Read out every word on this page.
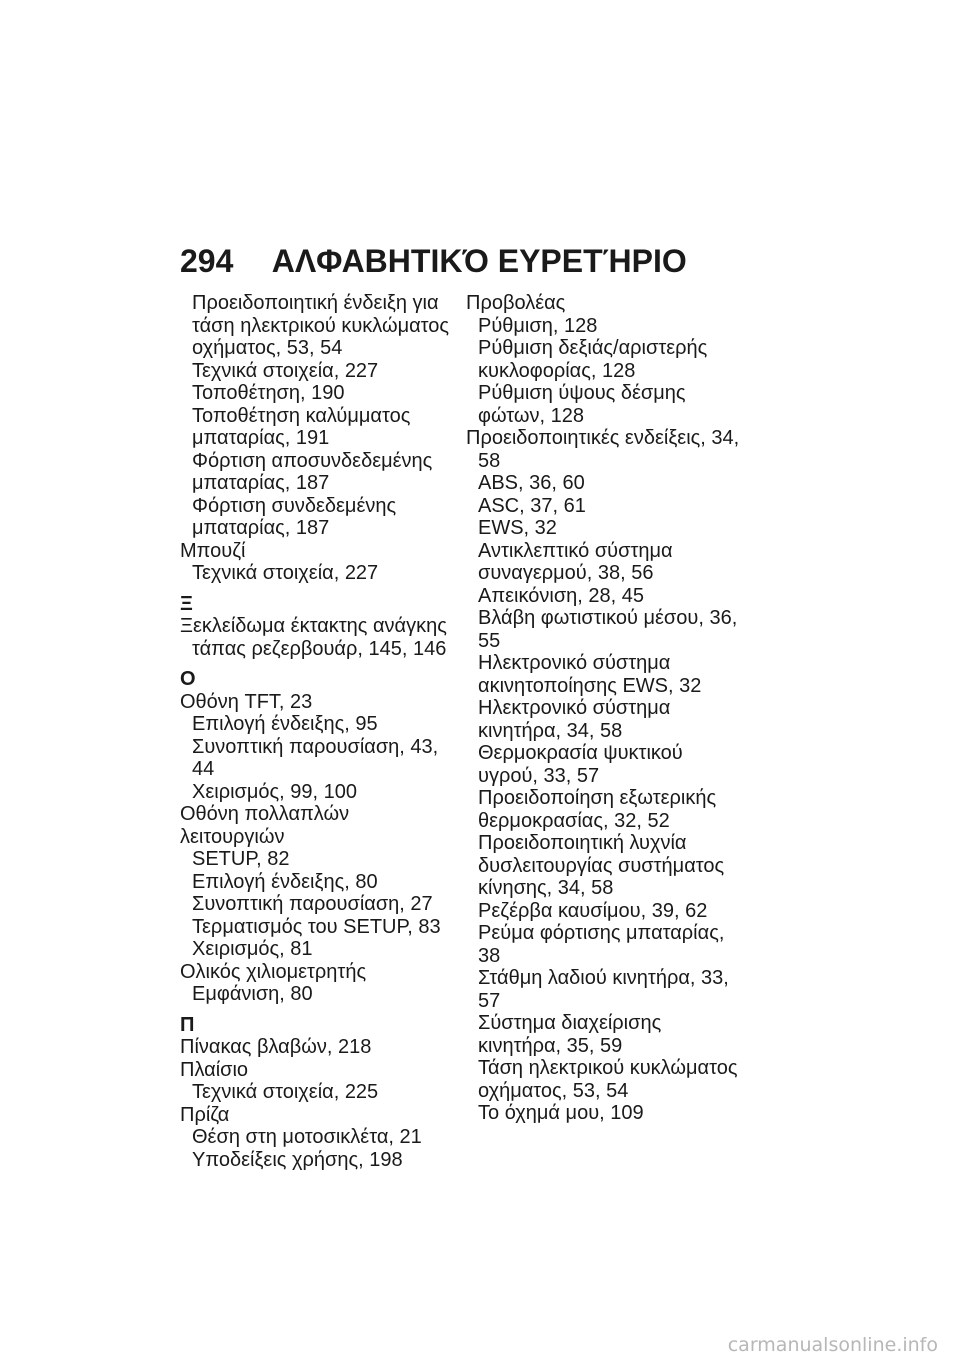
294 ΑΛΦΑΒΗΤΙΚΌ ΕΥΡΕΤΉΡΙΟ
Προειδοποιητική ένδειξη για
τάση ηλεκτρικού κυκλώματος
οχήματος, 53, 54
Τεχνικά στοιχεία, 227
Τοποθέτηση, 190
Τοποθέτηση καλύμματος
μπαταρίας, 191
Φόρτιση αποσυνδεδεμένης
μπαταρίας, 187
Φόρτιση συνδεδεμένης
μπαταρίας, 187
Μπουζί
Τεχνικά στοιχεία, 227
Ξ
Ξεκλείδωμα έκτακτης ανάγκης
τάπας ρεζερβουάρ, 145, 146
Ο
Οθόνη TFT, 23
Επιλογή ένδειξης, 95
Συνοπτική παρουσίαση, 43, 44
Χειρισμός, 99, 100
Οθόνη πολλαπλών λειτουργιών
SETUP, 82
Επιλογή ένδειξης, 80
Συνοπτική παρουσίαση, 27
Τερματισμός του SETUP, 83
Χειρισμός, 81
Ολικός χιλιομετρητής
Εμφάνιση, 80
Π
Πίνακας βλαβών, 218
Πλαίσιο
Τεχνικά στοιχεία, 225
Πρίζα
Θέση στη μοτοσικλέτα, 21
Υποδείξεις χρήσης, 198
Προβολέας
Ρύθμιση, 128
Ρύθμιση δεξιάς/αριστερής
κυκλοφορίας, 128
Ρύθμιση ύψους δέσμης
φώτων, 128
Προειδοποιητικές ενδείξεις, 34,
58
ABS, 36, 60
ASC, 37, 61
EWS, 32
Αντικλεπτικό σύστημα
συναγερμού, 38, 56
Απεικόνιση, 28, 45
Βλάβη φωτιστικού μέσου, 36,
55
Ηλεκτρονικό σύστημα
ακινητοποίησης EWS, 32
Ηλεκτρονικό σύστημα
κινητήρα, 34, 58
Θερμοκρασία ψυκτικού
υγρού, 33, 57
Προειδοποίηση εξωτερικής
θερμοκρασίας, 32, 52
Προειδοποιητική λυχνία
δυσλειτουργίας συστήματος
κίνησης, 34, 58
Ρεζέρβα καυσίμου, 39, 62
Ρεύμα φόρτισης μπαταρίας, 38
Στάθμη λαδιού κινητήρα, 33,
57
Σύστημα διαχείρισης
κινητήρα, 35, 59
Τάση ηλεκτρικού κυκλώματος
οχήματος, 53, 54
Το όχημά μου, 109
carmanualsonline.info
